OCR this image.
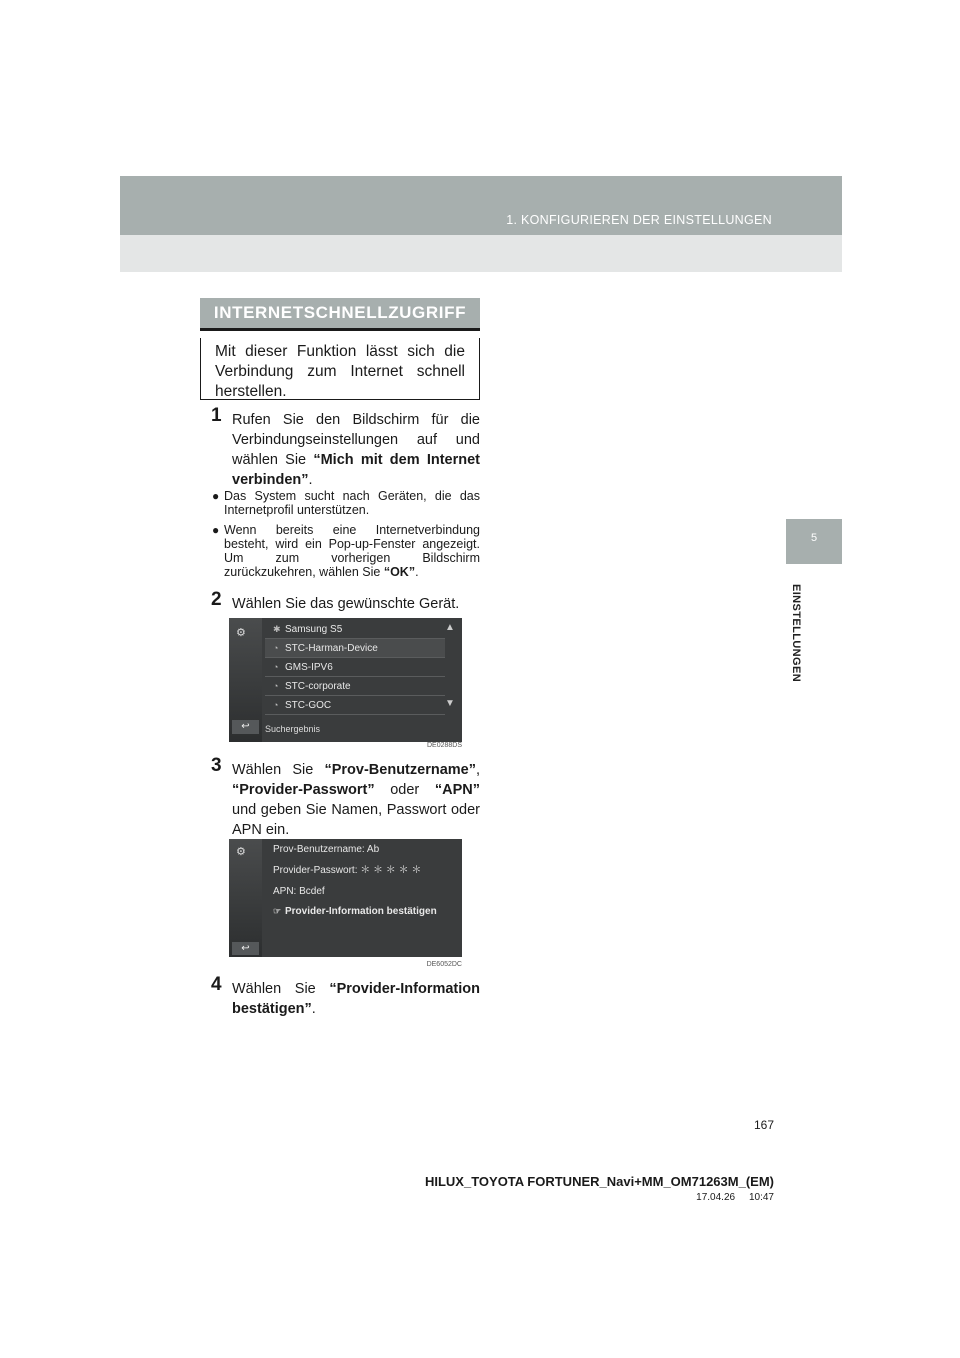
1. KONFIGURIEREN DER EINSTELLUNGEN
5
EINSTELLUNGEN
INTERNETSCHNELLZUGRIFF
Mit dieser Funktion lässt sich die Verbindung zum Internet schnell herstellen.
1 Rufen Sie den Bildschirm für die Verbindungseinstellungen auf und wählen Sie “Mich mit dem Internet verbinden”.
● Das System sucht nach Geräten, die das Internetprofil unterstützen.
● Wenn bereits eine Internetverbindung besteht, wird ein Pop-up-Fenster angezeigt. Um zum vorherigen Bildschirm zurückzukehren, wählen Sie “OK”.
2 Wählen Sie das gewünschte Gerät.
⚙	✱ Samsung S5
◔ STC-Harman-Device
◔ GMS-IPV6
◔ STC-corporate
◔ STC-GOC
▲
▼
↩	Suchergebnis
DE0288DS
3 Wählen Sie “Prov-Benutzername”, “Provider-Passwort” oder “APN” und geben Sie Namen, Passwort oder APN ein.
⚙	Prov-Benutzername: Ab
Provider-Passwort: ＊ ＊ ＊ ＊ ＊
APN: Bcdef
☞ Provider-Information bestätigen
↩
DE6052DC
4 Wählen Sie “Provider-Information bestätigen”.
167
HILUX_TOYOTA FORTUNER_Navi+MM_OM71263M_(EM)
17.04.26     10:47
